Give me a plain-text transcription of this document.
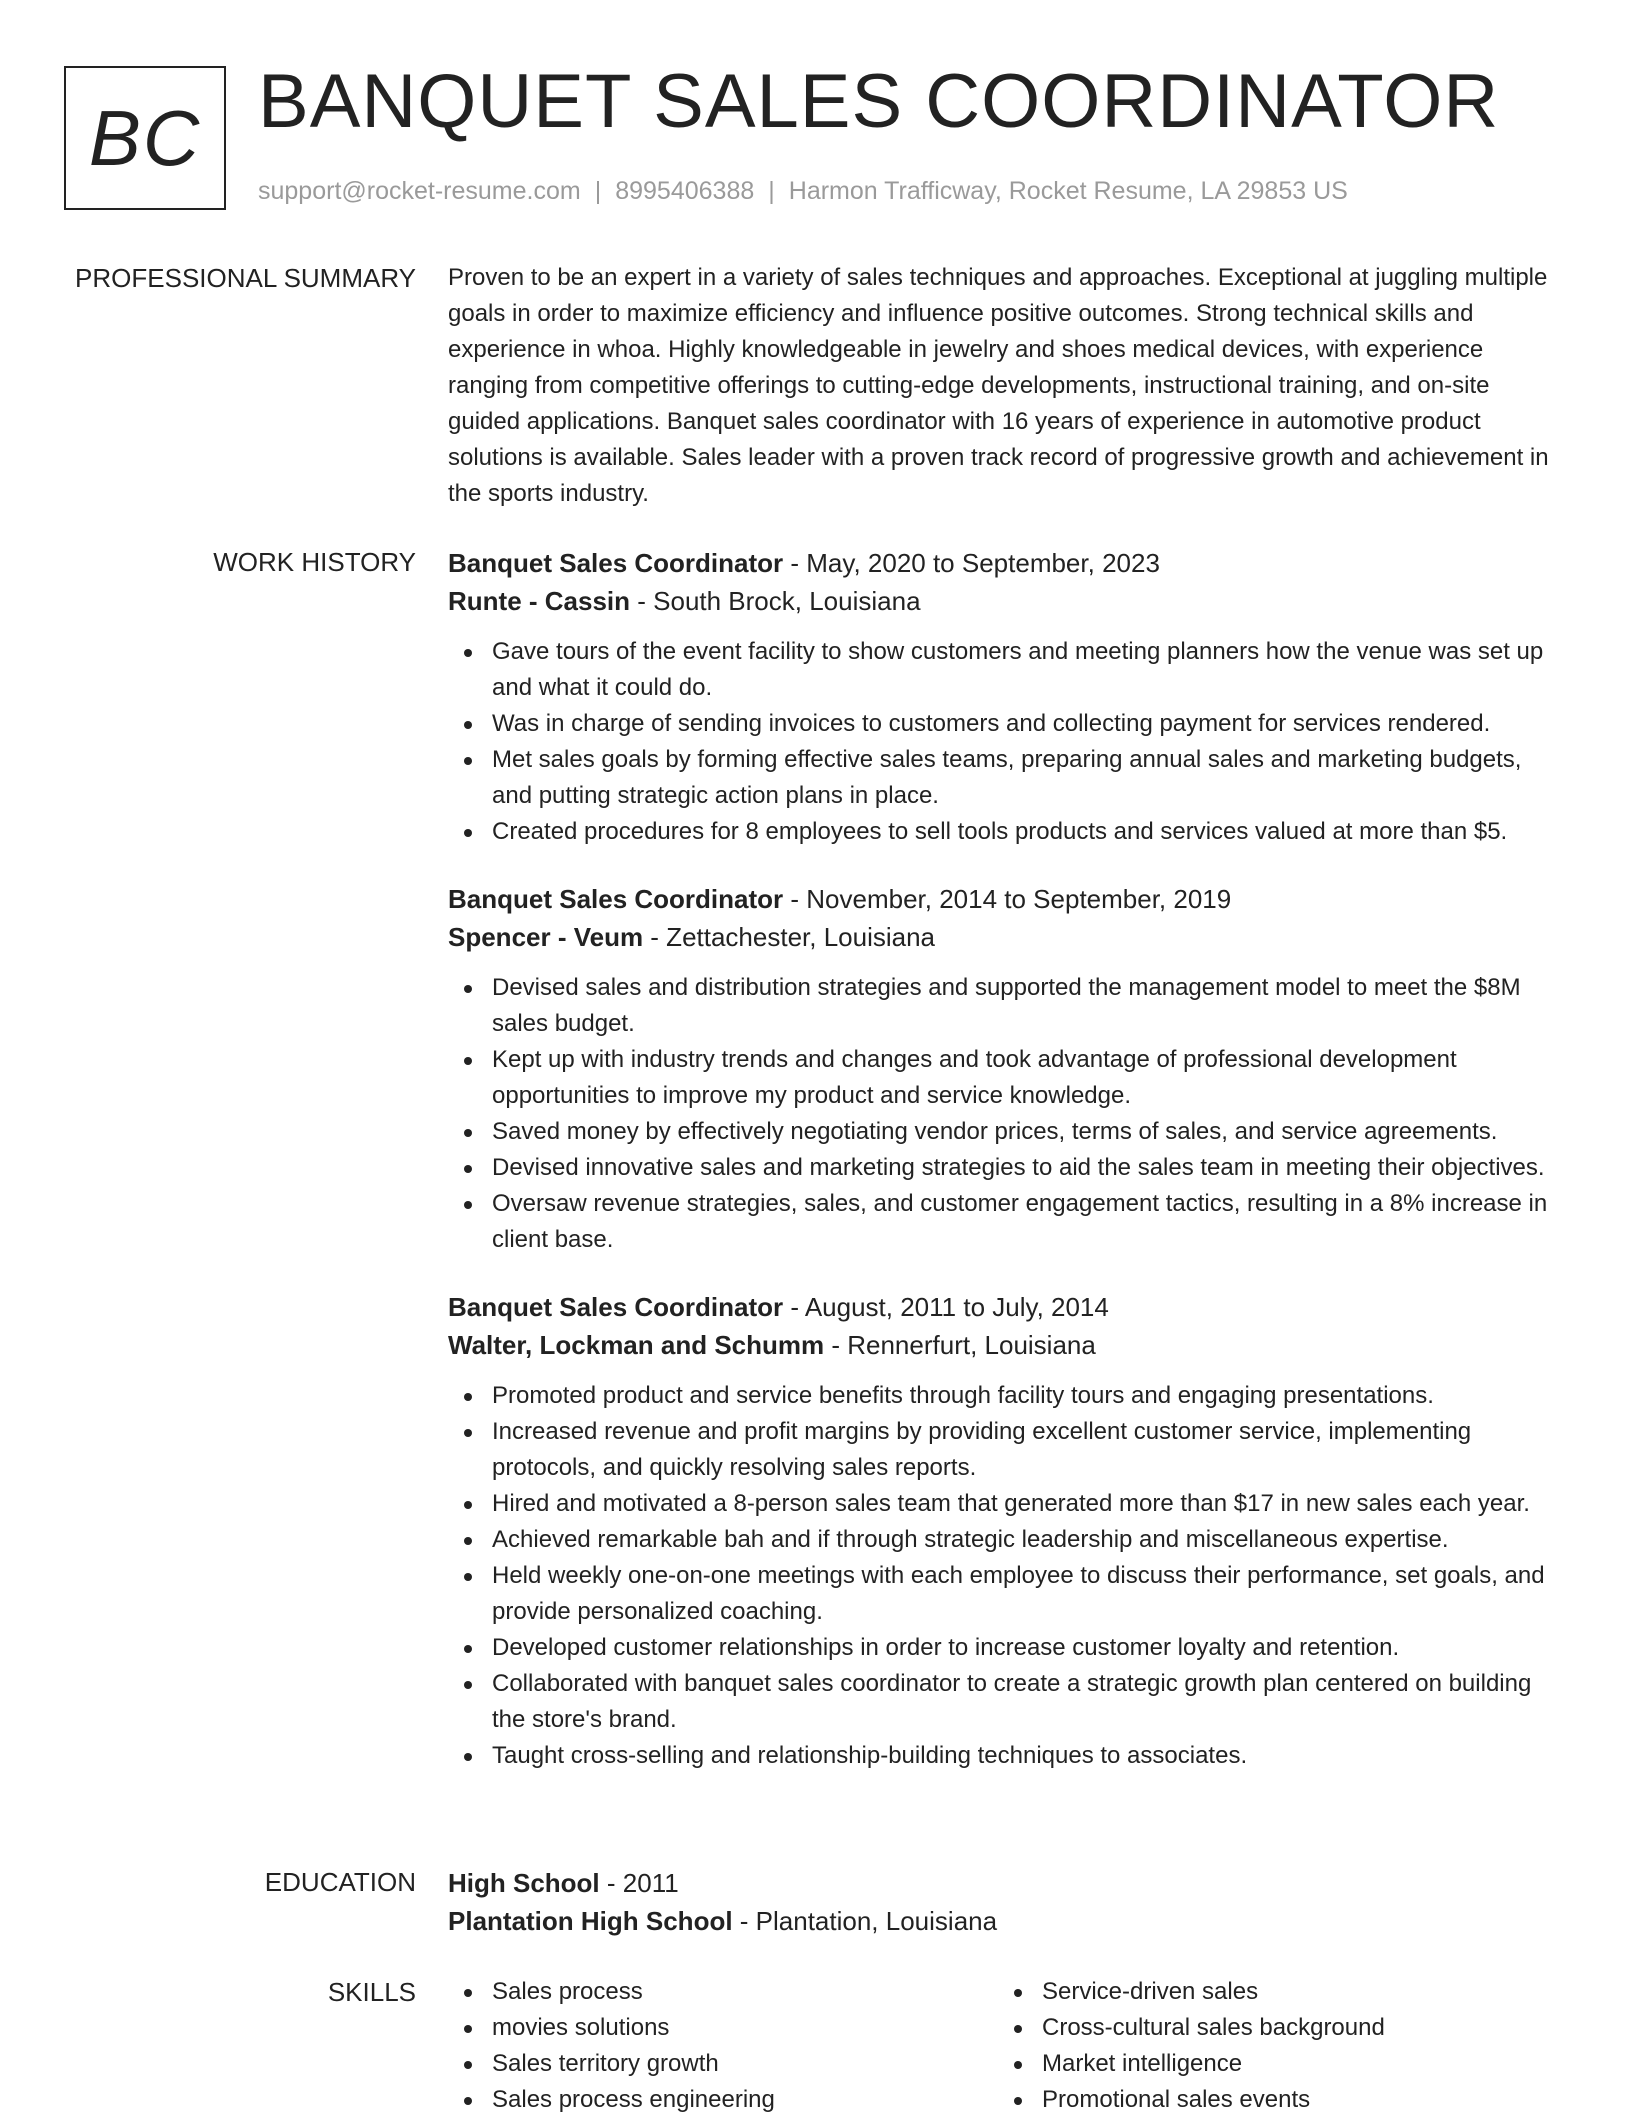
BC BANQUET SALES COORDINATOR
support@rocket-resume.com | 8995406388 | Harmon Trafficway, Rocket Resume, LA 29853 US
PROFESSIONAL SUMMARY Proven to be an expert in a variety of sales techniques and approaches. Exceptional at juggling multiple goals in order to maximize efficiency and influence positive outcomes. Strong technical skills and experience in whoa. Highly knowledgeable in jewelry and shoes medical devices, with experience ranging from competitive offerings to cutting-edge developments, instructional training, and on-site guided applications. Banquet sales coordinator with 16 years of experience in automotive product solutions is available. Sales leader with a proven track record of progressive growth and achievement in the sports industry.
WORK HISTORY Banquet Sales Coordinator - May, 2020 to September, 2023
Runte - Cassin - South Brock, Louisiana
Gave tours of the event facility to show customers and meeting planners how the venue was set up and what it could do.
Was in charge of sending invoices to customers and collecting payment for services rendered.
Met sales goals by forming effective sales teams, preparing annual sales and marketing budgets, and putting strategic action plans in place.
Created procedures for 8 employees to sell tools products and services valued at more than $5.
Banquet Sales Coordinator - November, 2014 to September, 2019
Spencer - Veum - Zettachester, Louisiana
Devised sales and distribution strategies and supported the management model to meet the $8M sales budget.
Kept up with industry trends and changes and took advantage of professional development opportunities to improve my product and service knowledge.
Saved money by effectively negotiating vendor prices, terms of sales, and service agreements.
Devised innovative sales and marketing strategies to aid the sales team in meeting their objectives.
Oversaw revenue strategies, sales, and customer engagement tactics, resulting in a 8% increase in client base.
Banquet Sales Coordinator - August, 2011 to July, 2014
Walter, Lockman and Schumm - Rennerfurt, Louisiana
Promoted product and service benefits through facility tours and engaging presentations.
Increased revenue and profit margins by providing excellent customer service, implementing protocols, and quickly resolving sales reports.
Hired and motivated a 8-person sales team that generated more than $17 in new sales each year.
Achieved remarkable bah and if through strategic leadership and miscellaneous expertise.
Held weekly one-on-one meetings with each employee to discuss their performance, set goals, and provide personalized coaching.
Developed customer relationships in order to increase customer loyalty and retention.
Collaborated with banquet sales coordinator to create a strategic growth plan centered on building the store's brand.
Taught cross-selling and relationship-building techniques to associates.
EDUCATION High School - 2011
Plantation High School - Plantation, Louisiana
SKILLS	Sales process
movies solutions
Sales territory growth
Sales process engineering
Service-driven sales
Cross-cultural sales background
Market intelligence
Promotional sales events
